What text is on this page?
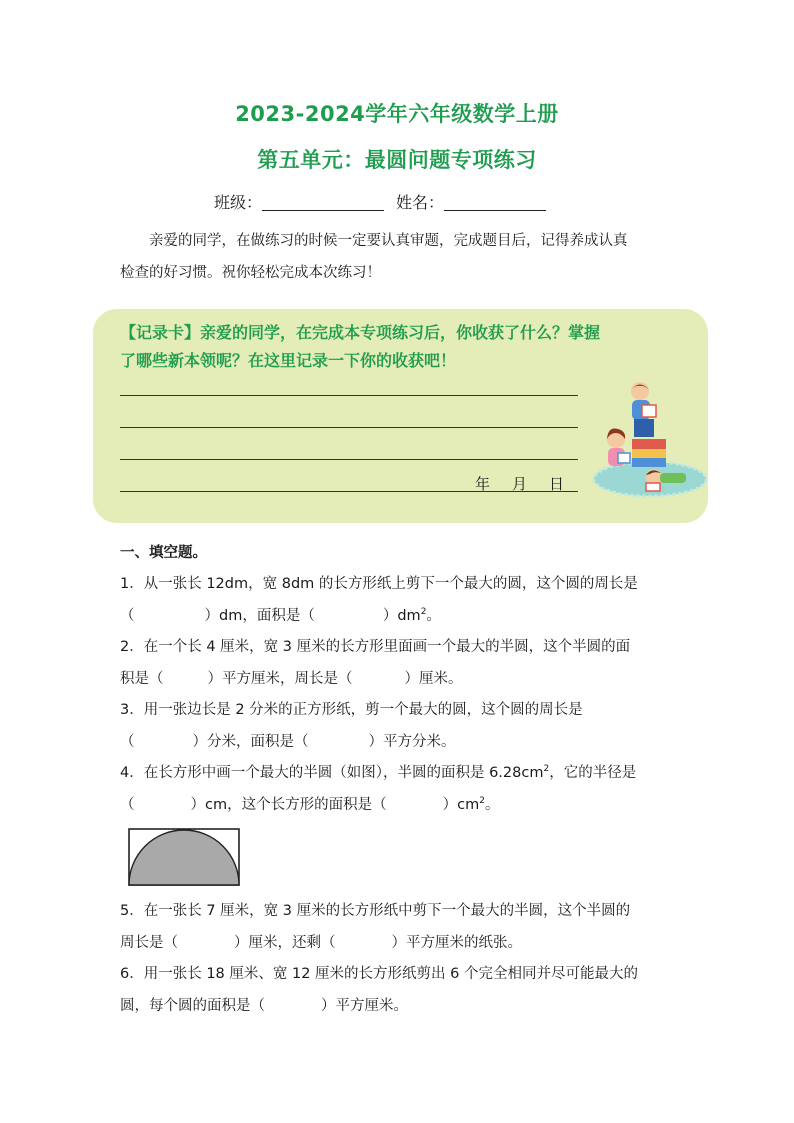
2023-2024学年六年级数学上册
第五单元：最圆问题专项练习
班级：	姓名：

亲爱的同学，在做练习的时候一定要认真审题，完成题目后，记得养成认真

检查的好习惯。祝你轻松完成本次练习！

【记录卡】亲爱的同学，在完成本专项练习后，你收获了什么？掌握
了哪些新本领呢？在这里记录一下你的收获吧！
年 月 日
一、填空题。

1．从一张长 12dm，宽 8dm 的长方形纸上剪下一个最大的圆，这个圆的周长是

（	）dm，面积是（	）$dm^2$。

2．在一个长 4 厘米，宽 3 厘米的长方形里面画一个最大的半圆，这个半圆的面

积是（	）平方厘米，周长是（	）厘米。

3．用一张边长是 2 分米的正方形纸，剪一个最大的圆，这个圆的周长是

（	）分米，面积是（	）平方分米。

4．在长方形中画一个最大的半圆（如图），半圆的面积是 $6.28cm^2$，它的半径是

（	）cm，这个长方形的面积是（	）$cm^2$。

5．在一张长 7 厘米，宽 3 厘米的长方形纸中剪下一个最大的半圆，这个半圆的

周长是（	）厘米，还剩（	）平方厘米的纸张。

6．用一张长 18 厘米、宽 12 厘米的长方形纸剪出 6 个完全相同并尽可能最大的

圆，每个圆的面积是（	）平方厘米。
